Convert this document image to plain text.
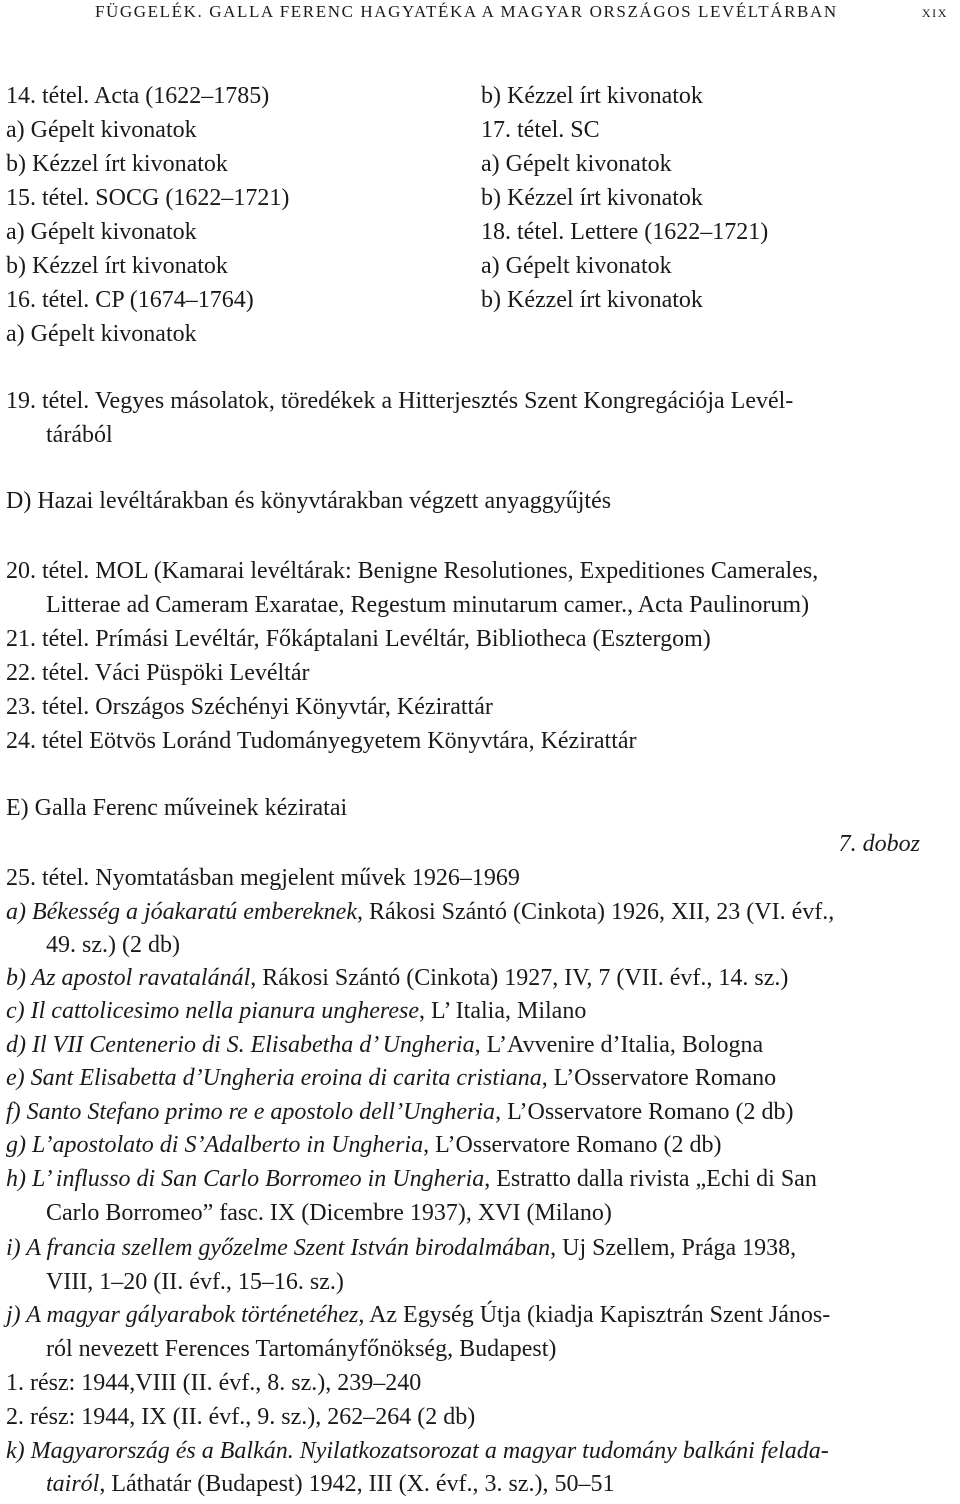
FÜGGELÉK. GALLA FERENC HAGYATÉKA A MAGYAR ORSZÁGOS LEVÉLTÁRBAN	xix
14. tétel. Acta (1622–1785)
a) Gépelt kivonatok
b) Kézzel írt kivonatok
15. tétel. SOCG (1622–1721)
a) Gépelt kivonatok
b) Kézzel írt kivonatok
16. tétel. CP (1674–1764)
a) Gépelt kivonatok
b) Kézzel írt kivonatok
17. tétel. SC
a) Gépelt kivonatok
b) Kézzel írt kivonatok
18. tétel. Lettere (1622–1721)
a) Gépelt kivonatok
b) Kézzel írt kivonatok
19. tétel. Vegyes másolatok, töredékek a Hitterjesztés Szent Kongregációja Levél-
tárából
D) Hazai levéltárakban és könyvtárakban végzett anyaggyűjtés
20. tétel. MOL (Kamarai levéltárak: Benigne Resolutiones, Expeditiones Camerales,
Litterae ad Cameram Exaratae, Regestum minutarum camer., Acta Paulinorum)
21. tétel. Prímási Levéltár, Főkáptalani Levéltár, Bibliotheca (Esztergom)
22. tétel. Váci Püspöki Levéltár
23. tétel. Országos Széchényi Könyvtár, Kézirattár
24. tétel Eötvös Loránd Tudományegyetem Könyvtára, Kézirattár
E) Galla Ferenc műveinek kéziratai
7. doboz
25. tétel. Nyomtatásban megjelent művek 1926–1969
a) Békesség a jóakaratú embereknek, Rákosi Szántó (Cinkota) 1926, XII, 23 (VI. évf.,
49. sz.) (2 db)
b) Az apostol ravatalánál, Rákosi Szántó (Cinkota) 1927, IV, 7 (VII. évf., 14. sz.)
c) Il cattolicesimo nella pianura ungherese, L’ Italia, Milano
d) Il VII Centenerio di S. Elisabetha d’ Ungheria, L’Avvenire d’Italia, Bologna
e) Sant Elisabetta d’Ungheria eroina di carita cristiana, L’Osservatore Romano
f) Santo Stefano primo re e apostolo dell’Ungheria, L’Osservatore Romano (2 db)
g) L’apostolato di S’Adalberto in Ungheria, L’Osservatore Romano (2 db)
h) L’ influsso di San Carlo Borromeo in Ungheria, Estratto dalla rivista „Echi di San
Carlo Borromeo” fasc. IX (Dicembre 1937), XVI (Milano)
i) A francia szellem győzelme Szent István birodalmában, Uj Szellem, Prága 1938,
VIII, 1–20 (II. évf., 15–16. sz.)
j) A magyar gályarabok történetéhez, Az Egység Útja (kiadja Kapisztrán Szent János-
ról nevezett Ferences Tartományfőnökség, Budapest)
1. rész: 1944,VIII (II. évf., 8. sz.), 239–240
2. rész: 1944, IX (II. évf., 9. sz.), 262–264 (2 db)
k) Magyarország és a Balkán. Nyilatkozatsorozat a magyar tudomány balkáni felada-
tairól, Láthatár (Budapest) 1942, III (X. évf., 3. sz.), 50–51
